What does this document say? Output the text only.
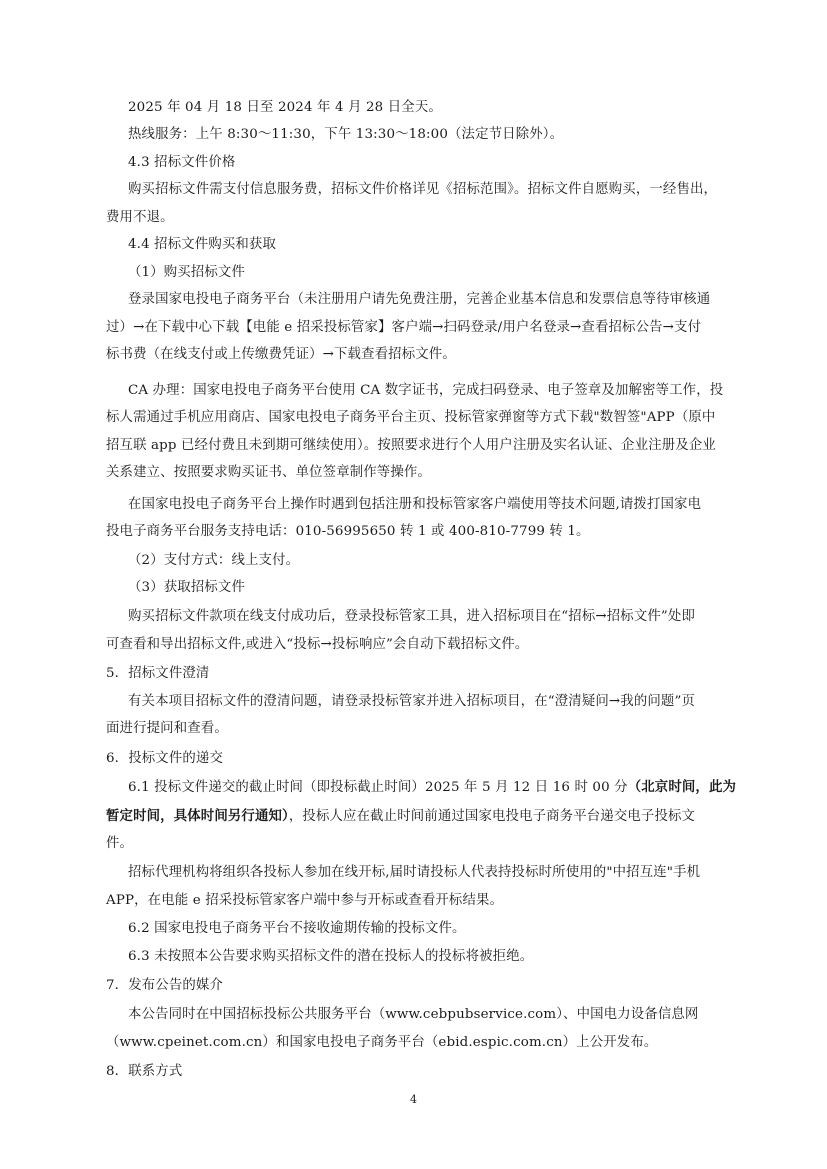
2025 年 04 月 18 日至 2024 年 4 月 28 日全天。
热线服务：上午 8:30～11:30，下午 13:30～18:00（法定节日除外）。
4.3 招标文件价格
购买招标文件需支付信息服务费，招标文件价格详见《招标范围》。招标文件自愿购买，一经售出，
费用不退。
4.4 招标文件购买和获取
（1）购买招标文件
登录国家电投电子商务平台（未注册用户请先免费注册，完善企业基本信息和发票信息等待审核通
过）→在下载中心下载【电能 e 招采投标管家】客户端→扫码登录/用户名登录→查看招标公告→支付
标书费（在线支付或上传缴费凭证）→下载查看招标文件。
CA 办理：国家电投电子商务平台使用 CA 数字证书，完成扫码登录、电子签章及加解密等工作，投
标人需通过手机应用商店、国家电投电子商务平台主页、投标管家弹窗等方式下载"数智签"APP（原中
招互联 app 已经付费且未到期可继续使用）。按照要求进行个人用户注册及实名认证、企业注册及企业
关系建立、按照要求购买证书、单位签章制作等操作。
在国家电投电子商务平台上操作时遇到包括注册和投标管家客户端使用等技术问题,请拨打国家电
投电子商务平台服务支持电话：010-56995650 转 1 或 400-810-7799 转 1。
（2）支付方式：线上支付。
（3）获取招标文件
购买招标文件款项在线支付成功后，登录投标管家工具，进入招标项目在“招标→招标文件”处即
可查看和导出招标文件,或进入“投标→投标响应”会自动下载招标文件。
5．招标文件澄清
有关本项目招标文件的澄清问题，请登录投标管家并进入招标项目，在“澄清疑问→我的问题”页
面进行提问和查看。
6．投标文件的递交
6.1 投标文件递交的截止时间（即投标截止时间）2025 年 5 月 12 日 16 时 00 分（北京时间，此为
暂定时间，具体时间另行通知），投标人应在截止时间前通过国家电投电子商务平台递交电子投标文
件。
招标代理机构将组织各投标人参加在线开标,届时请投标人代表持投标时所使用的"中招互连"手机
APP，在电能 e 招采投标管家客户端中参与开标或查看开标结果。
6.2 国家电投电子商务平台不接收逾期传输的投标文件。
6.3 未按照本公告要求购买招标文件的潜在投标人的投标将被拒绝。
7．发布公告的媒介
本公告同时在中国招标投标公共服务平台（www.cebpubservice.com）、中国电力设备信息网
（www.cpeinet.com.cn）和国家电投电子商务平台（ebid.espic.com.cn）上公开发布。
8．联系方式
4
